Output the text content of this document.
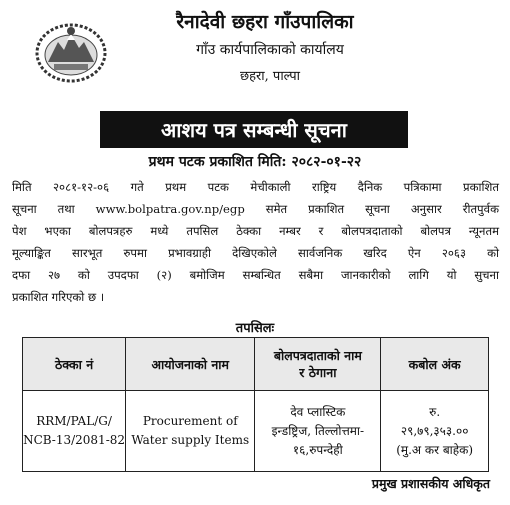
रैनादेवी छहरा गाँउपालिका
गाँउ कार्यपालिकाको कार्यालय
छहरा, पाल्पा
आशय पत्र सम्बन्धी सूचना
प्रथम पटक प्रकाशित मिति: २०८२-०१-२२
मिति २०८१-१२-०६ गते प्रथम पटक मेचीकाली राष्ट्रिय दैनिक पत्रिकामा प्रकाशित
सूचना तथा www.bolpatra.gov.np/egp समेत प्रकाशित सूचना अनुसार रीतपुर्वक
पेश भएका बोलपत्रहरु मध्ये तपसिल ठेक्का नम्बर र बोलपत्रदाताको बोलपत्र न्यूनतम
मूल्याङ्कित सारभूत रुपमा प्रभावग्राही देखिएकोले सार्वजनिक खरिद ऐन २०६३ को
दफा २७ को उपदफा (२) बमोजिम सम्बन्धित सबैमा जानकारीको लागि यो सुचना
प्रकाशित गरिएको छ ।
तपसिलः
ठेक्का नं	आयोजनाको नाम	बोलपत्रदाताको नाम र ठेगाना	कबोल अंक

RRM/PAL/G/
NCB-13/2081-82	Procurement of
Water supply Items	देव प्लास्टिक
इन्डष्ट्रिज, तिल्लोत्तमा-
१६,रुपन्देही	रु.
२९,७९,३५३.००
(मु.अ कर बाहेक)
प्रमुख प्रशासकीय अधिकृत
